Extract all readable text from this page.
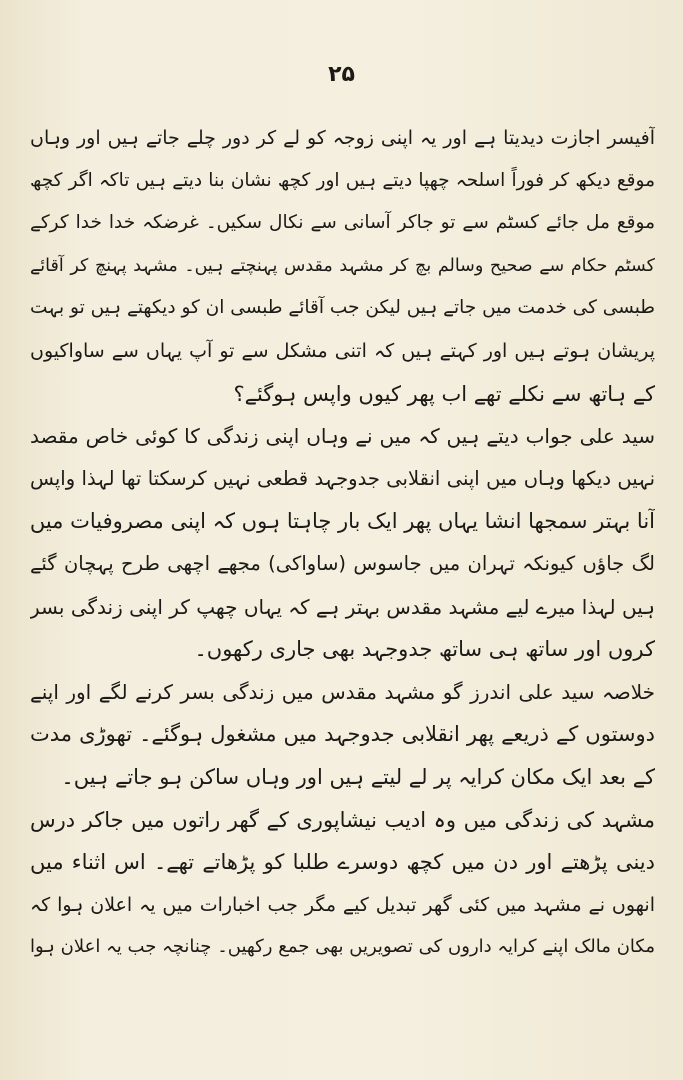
۲۵
آفیسر اجازت دیدیتا ہے اور یہ اپنی زوجہ کو لے کر دور چلے جاتے ہیں اور وہاں
موقع دیکھ کر فوراً اسلحہ چھپا دیتے ہیں اور کچھ نشان بنا دیتے ہیں تاکہ اگر کچھ
موقع مل جائے کسٹم سے تو جاکر آسانی سے نکال سکیں۔ غرضکہ خدا خدا کرکے
کسٹم حکام سے صحیح وسالم بچ کر مشہد مقدس پہنچتے ہیں۔ مشہد پہنچ کر آقائے
طبسی کی خدمت میں جاتے ہیں لیکن جب آقائے طبسی ان کو دیکھتے ہیں تو بہت
پریشان ہوتے ہیں اور کہتے ہیں کہ اتنی مشکل سے تو آپ یہاں سے ساواکیوں
کے ہاتھ سے نکلے تھے اب پھر کیوں واپس ہوگئے؟
سید علی جواب دیتے ہیں کہ میں نے وہاں اپنی زندگی کا کوئی خاص مقصد
نہیں دیکھا وہاں میں اپنی انقلابی جدوجہد قطعی نہیں کرسکتا تھا لہذا واپس
آنا بہتر سمجھا انشا یہاں پھر ایک بار چاہتا ہوں کہ اپنی مصروفیات میں
لگ جاؤں کیونکہ تہران میں جاسوس (ساواکی) مجھے اچھی طرح پہچان گئے
ہیں لہذا میرے لیے مشہد مقدس بہتر ہے کہ یہاں چھپ کر اپنی زندگی بسر
کروں اور ساتھ ہی ساتھ جدوجہد بھی جاری رکھوں۔
خلاصہ سید علی اندرز گو مشہد مقدس میں زندگی بسر کرنے لگے اور اپنے
دوستوں کے ذریعے پھر انقلابی جدوجہد میں مشغول ہوگئے۔ تھوڑی مدت
کے بعد ایک مکان کرایہ پر لے لیتے ہیں اور وہاں ساکن ہو جاتے ہیں۔
مشہد کی زندگی میں وہ ادیب نیشاپوری کے گھر راتوں میں جاکر درس
دینی پڑھتے اور دن میں کچھ دوسرے طلبا کو پڑھاتے تھے۔ اس اثناء میں
انھوں نے مشہد میں کئی گھر تبدیل کیے مگر جب اخبارات میں یہ اعلان ہوا کہ
مکان مالک اپنے کرایہ داروں کی تصویریں بھی جمع رکھیں۔ چنانچہ جب یہ اعلان ہوا
